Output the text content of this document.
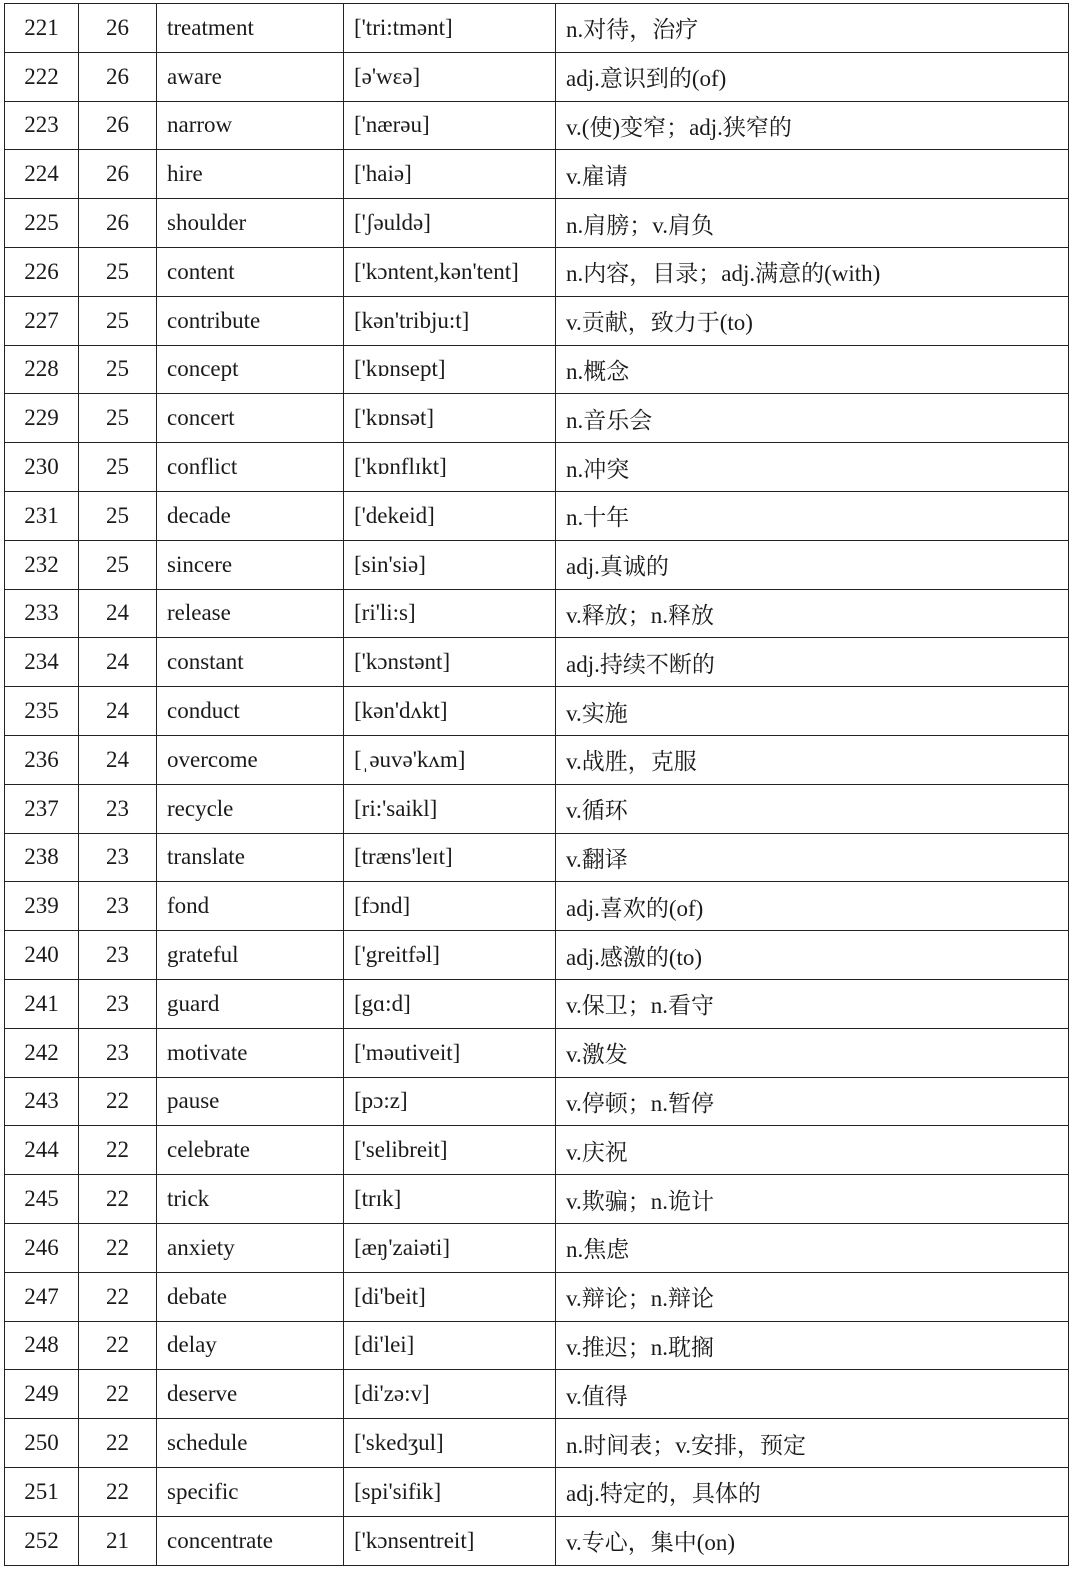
221	26	treatment	['tri:tmənt]	n.对待，治疗
222	26	aware	[ə'wεə]	adj.意识到的(of)
223	26	narrow	['nærəu]	v.(使)变窄；adj.狭窄的
224	26	hire	['haiə]	v.雇请
225	26	shoulder	['ʃəuldə]	n.肩膀；v.肩负
226	25	content	['kɔntent,kən'tent]	n.内容，目录；adj.满意的(with)
227	25	contribute	[kən'tribju:t]	v.贡献，致力于(to)
228	25	concept	['kɒnsept]	n.概念
229	25	concert	['kɒnsət]	n.音乐会
230	25	conflict	['kɒnflɪkt]	n.冲突
231	25	decade	['dekeid]	n.十年
232	25	sincere	[sin'siə]	adj.真诚的
233	24	release	[ri'li:s]	v.释放；n.释放
234	24	constant	['kɔnstənt]	adj.持续不断的
235	24	conduct	[kən'dʌkt]	v.实施
236	24	overcome	[ˌəuvə'kʌm]	v.战胜，克服
237	23	recycle	[ri:'saikl]	v.循环
238	23	translate	[træns'leɪt]	v.翻译
239	23	fond	[fɔnd]	adj.喜欢的(of)
240	23	grateful	['greitfəl]	adj.感激的(to)
241	23	guard	[gɑ:d]	v.保卫；n.看守
242	23	motivate	['məutiveit]	v.激发
243	22	pause	[pɔ:z]	v.停顿；n.暂停
244	22	celebrate	['selibreit]	v.庆祝
245	22	trick	[trɪk]	v.欺骗；n.诡计
246	22	anxiety	[æŋ'zaiəti]	n.焦虑
247	22	debate	[di'beit]	v.辩论；n.辩论
248	22	delay	[di'lei]	v.推迟；n.耽搁
249	22	deserve	[di'zə:v]	v.值得
250	22	schedule	['skedʒul]	n.时间表；v.安排，预定
251	22	specific	[spi'sifik]	adj.特定的，具体的
252	21	concentrate	['kɔnsentreit]	v.专心，集中(on)
